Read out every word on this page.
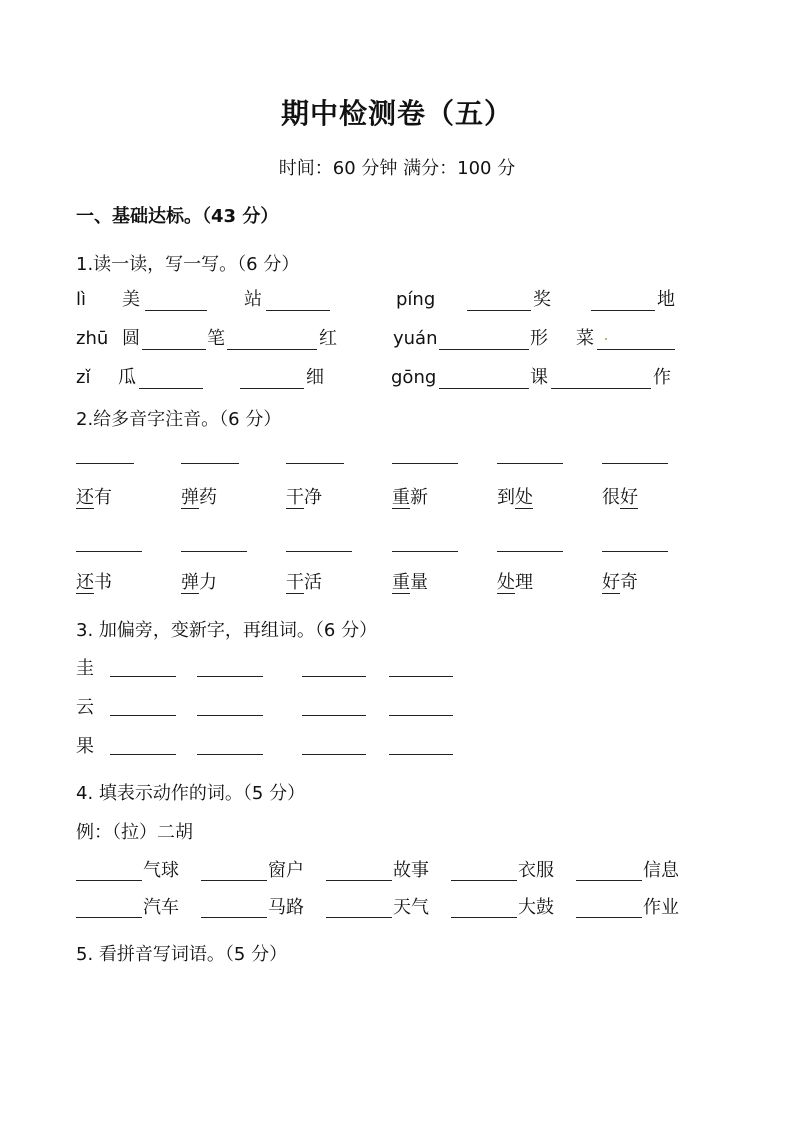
期中检测卷（五）
时间：60 分钟 满分：100 分
一、基础达标。（43 分）
1.读一读，写一写。（6 分）
lì 美	站	píng	奖	地
zhū 圆	笔	红	yuán	形 菜
zǐ 瓜	细	gōng	课	作
2.给多音字注音。（6 分）
还有	弹药	干净	重新	到处	很好
还书	弹力	干活	重量	处理	好奇
3. 加偏旁，变新字，再组词。（6 分）
圭
云
果
4. 填表示动作的词。（5 分）
例：（拉）二胡
气球	窗户	故事	衣服	信息
汽车	马路	天气	大鼓	作业
5. 看拼音写词语。（5 分）
